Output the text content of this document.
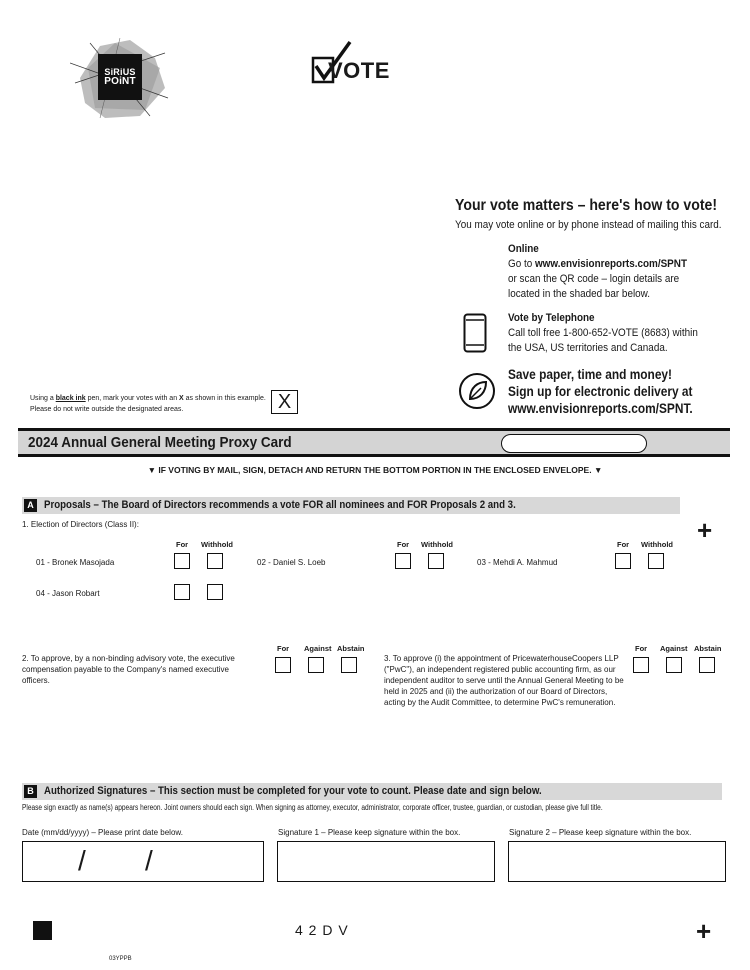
SiRiUS
POiNT	VOTE
Your vote matters – here's how to vote!
You may vote online or by phone instead of mailing this card.
Online
Go to www.envisionreports.com/SPNT
or scan the QR code – login details are
located in the shaded bar below.
Vote by Telephone
Call toll free 1-800-652-VOTE (8683) within
the USA, US territories and Canada.
Save paper, time and money!
Sign up for electronic delivery at
www.envisionreports.com/SPNT.
Using a black ink pen, mark your votes with an X as shown in this example.
Please do not write outside the designated areas.	X
2024 Annual General Meeting Proxy Card
▼ IF VOTING BY MAIL, SIGN, DETACH AND RETURN THE BOTTOM PORTION IN THE ENCLOSED ENVELOPE. ▼
A Proposals – The Board of Directors recommends a vote FOR all nominees and FOR Proposals 2 and 3.
+
1. Election of Directors (Class II):
For Withhold	For Withhold	For Withhold
01 - Bronek Masojada	02 - Daniel S. Loeb	03 - Mehdi A. Mahmud
04 - Jason Robart
2. To approve, by a non-binding advisory vote, the executive compensation payable to the Company's named executive officers.
For Against Abstain
3. To approve (i) the appointment of PricewaterhouseCoopers LLP ("PwC"), an independent registered public accounting firm, as our independent auditor to serve until the Annual General Meeting to be held in 2025 and (ii) the authorization of our Board of Directors, acting by the Audit Committee, to determine PwC's remuneration.
For Against Abstain
B Authorized Signatures – This section must be completed for your vote to count. Please date and sign below.
Please sign exactly as name(s) appears hereon. Joint owners should each sign. When signing as attorney, executor, administrator, corporate officer, trustee, guardian, or custodian, please give full title.
Date (mm/dd/yyyy) – Please print date below.
/ /
Signature 1 – Please keep signature within the box.	Signature 2 – Please keep signature within the box.
4 2 D V	+
03YPPB
